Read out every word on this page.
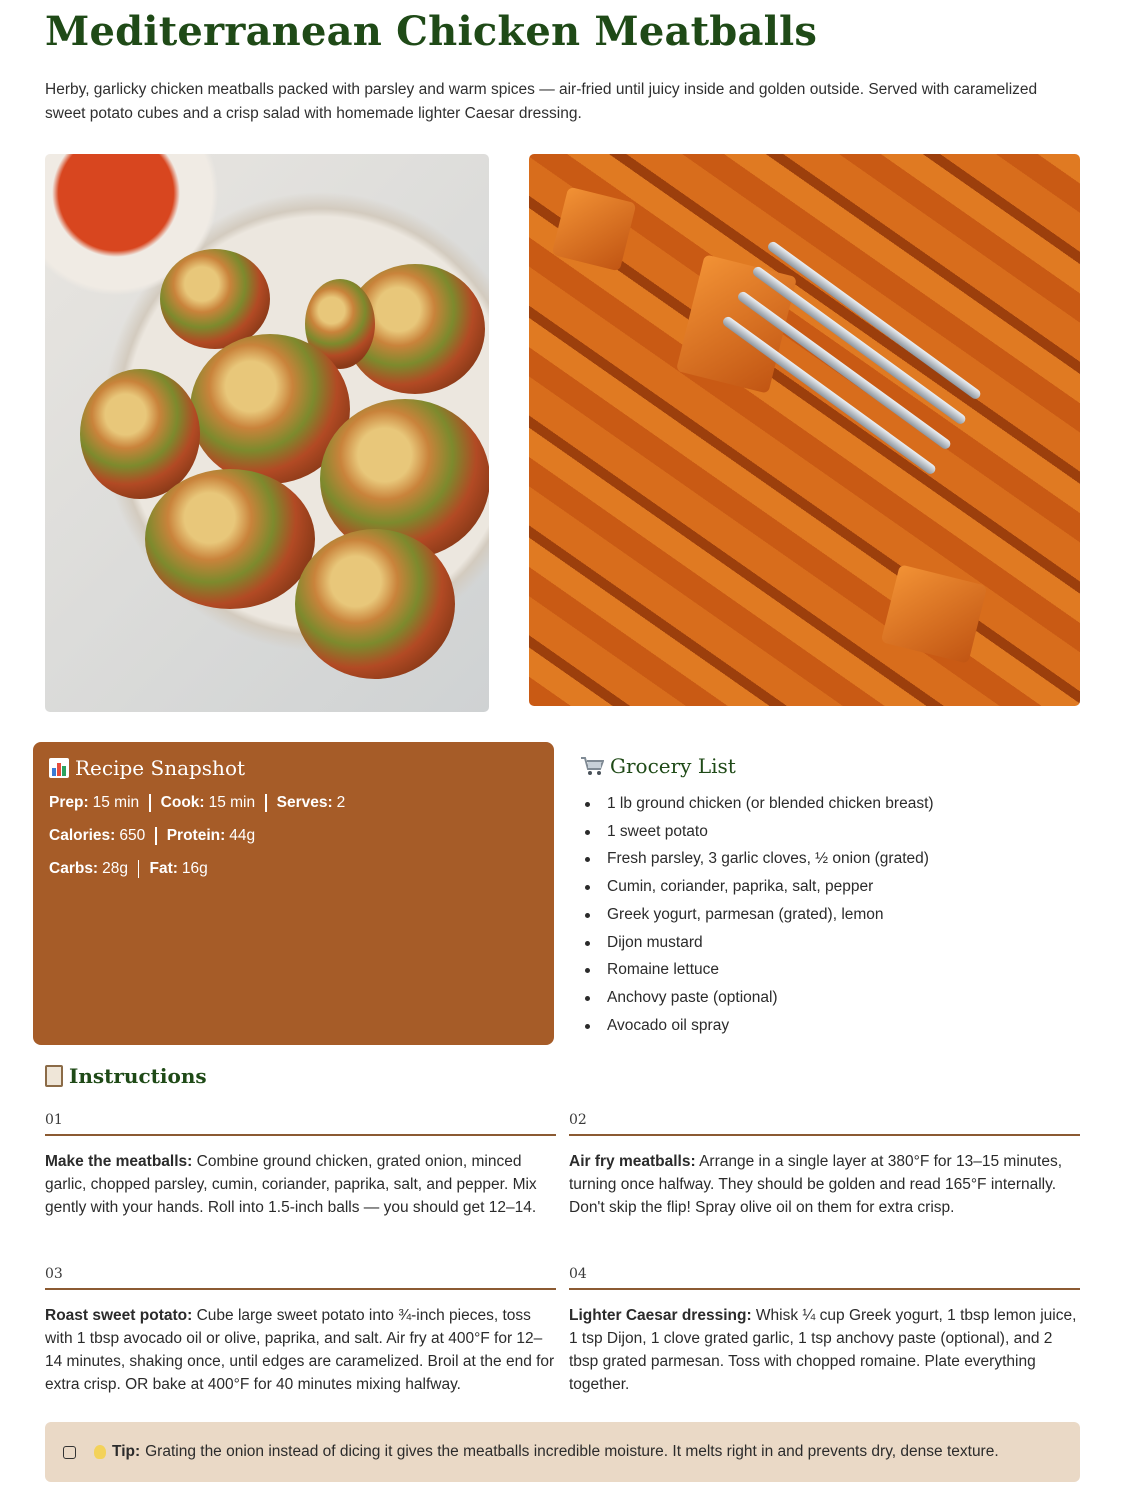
Mediterranean Chicken Meatballs

Herby, garlicky chicken meatballs packed with parsley and warm spices — air-fried until juicy inside and golden outside. Served with caramelized sweet potato cubes and a crisp salad with homemade lighter Caesar dressing.

Recipe Snapshot
Prep: 15 min Cook: 15 min Serves: 2
Calories: 650 Protein: 44g
Carbs: 28g Fat: 16g
Grocery List
1 lb ground chicken (or blended chicken breast)
1 sweet potato
Fresh parsley, 3 garlic cloves, ½ onion (grated)
Cumin, coriander, paprika, salt, pepper
Greek yogurt, parmesan (grated), lemon
Dijon mustard
Romaine lettuce
Anchovy paste (optional)
Avocado oil spray
Instructions
01

Make the meatballs: Combine ground chicken, grated onion, minced garlic, chopped parsley, cumin, coriander, paprika, salt, and pepper. Mix gently with your hands. Roll into 1.5-inch balls — you should get 12–14.

02

Air fry meatballs: Arrange in a single layer at 380°F for 13–15 minutes, turning once halfway. They should be golden and read 165°F internally. Don't skip the flip! Spray olive oil on them for extra crisp.

03

Roast sweet potato: Cube large sweet potato into ¾-inch pieces, toss with 1 tbsp avocado oil or olive, paprika, and salt. Air fry at 400°F for 12–14 minutes, shaking once, until edges are caramelized. Broil at the end for extra crisp. OR bake at 400°F for 40 minutes mixing halfway.

04

Lighter Caesar dressing: Whisk ¼ cup Greek yogurt, 1 tbsp lemon juice, 1 tsp Dijon, 1 clove grated garlic, 1 tsp anchovy paste (optional), and 2 tbsp grated parmesan. Toss with chopped romaine. Plate everything together.

Tip: Grating the onion instead of dicing it gives the meatballs incredible moisture. It melts right in and prevents dry, dense texture.
